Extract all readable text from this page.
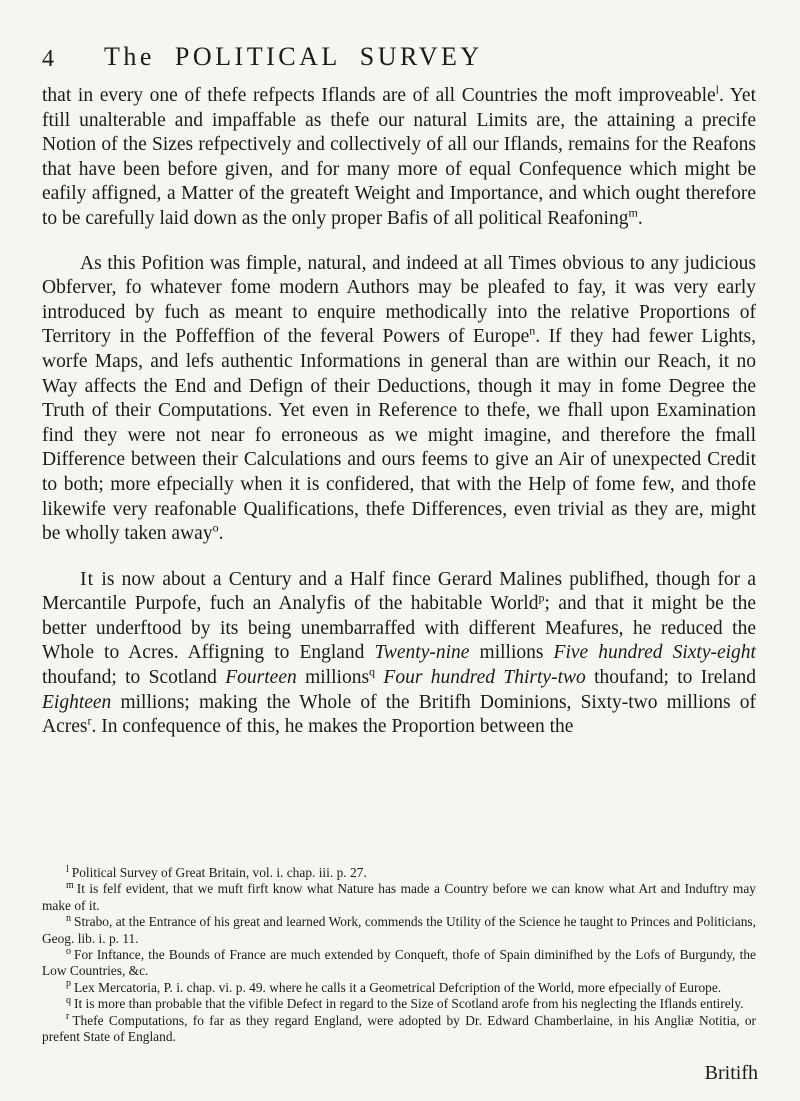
4 The POLITICAL SURVEY

that in every one of thefe refpects Iflands are of all Countries the moft improveable$^l$. Yet ftill unalterable and impaffable as thefe our natural Limits are, the attaining a precife Notion of the Sizes refpectively and collectively of all our Iflands, remains for the Reafons that have been before given, and for many more of equal Confequence which might be eafily affigned, a Matter of the greateft Weight and Importance, and which ought therefore to be carefully laid down as the only proper Bafis of all political Reafoning$^m$.

As this Pofition was fimple, natural, and indeed at all Times obvious to any judicious Obferver, fo whatever fome modern Authors may be pleafed to fay, it was very early introduced by fuch as meant to enquire methodically into the relative Proportions of Territory in the Poffeffion of the feveral Powers of Europe$^n$. If they had fewer Lights, worfe Maps, and lefs authentic Informations in general than are within our Reach, it no Way affects the End and Defign of their Deductions, though it may in fome Degree the Truth of their Computations. Yet even in Reference to thefe, we fhall upon Examination find they were not near fo erroneous as we might imagine, and therefore the fmall Difference between their Calculations and ours feems to give an Air of unexpected Credit to both; more efpecially when it is confidered, that with the Help of fome few, and thofe likewife very reafonable Qualifications, thefe Differences, even trivial as they are, might be wholly taken away$^o$.

It is now about a Century and a Half fince Gerard Malines publifhed, though for a Mercantile Purpofe, fuch an Analyfis of the habitable World$^p$; and that it might be the better underftood by its being unembarraffed with different Meafures, he reduced the Whole to Acres. Affigning to England Twenty-nine millions Five hundred Sixty-eight thoufand; to Scotland Fourteen millions$^q$ Four hundred Thirty-two thoufand; to Ireland Eighteen millions; making the Whole of the Britifh Dominions, Sixty-two millions of Acres$^r$. In confequence of this, he makes the Proportion between the

$^l$ Political Survey of Great Britain, vol. i. chap. iii. p. 27.

$^m$ It is felf evident, that we muft firft know what Nature has made a Country before we can know what Art and Induftry may make of it.

$^n$ Strabo, at the Entrance of his great and learned Work, commends the Utility of the Science he taught to Princes and Politicians, Geog. lib. i. p. 11.

$^o$ For Inftance, the Bounds of France are much extended by Conqueft, thofe of Spain diminifhed by the Lofs of Burgundy, the Low Countries, &c.

$^p$ Lex Mercatoria, P. i. chap. vi. p. 49. where he calls it a Geometrical Defcription of the World, more efpecially of Europe.

$^q$ It is more than probable that the vifible Defect in regard to the Size of Scotland arofe from his neglecting the Iflands entirely.

$^r$ Thefe Computations, fo far as they regard England, were adopted by Dr. Edward Chamberlaine, in his Angliæ Notitia, or prefent State of England.

Britifh
